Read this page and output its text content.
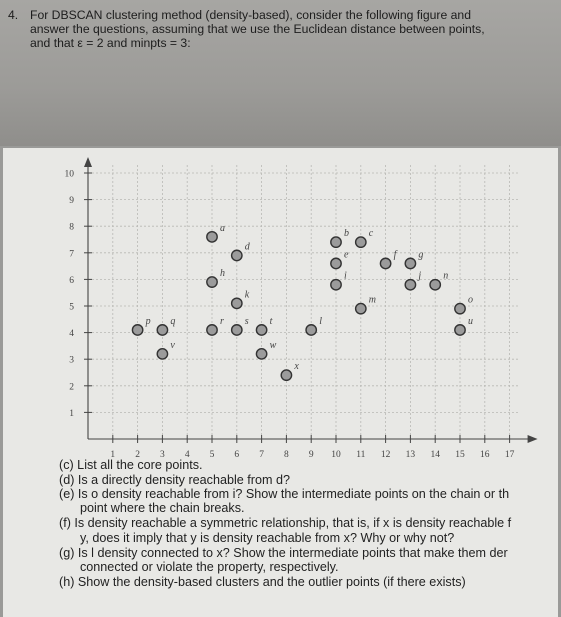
4. For DBSCAN clustering method (density-based), consider the following figure and
answer the questions, assuming that we use the Euclidean distance between points,
and that ε = 2 and minpts = 3:
1 2 3 4 5 6 7 8 9 10 11 12 13 14 15 16 17
1
2
3
4
5
6
7
8
9
10
a	b c
d
e	f g
h	i	j n
k	m	o
p q	r s t	l	u
v	w
x
(c) List all the core points.
(d) Is a directly density reachable from d?
(e) Is o density reachable from i? Show the intermediate points on the chain or th
point where the chain breaks.
(f) Is density reachable a symmetric relationship, that is, if x is density reachable f
y, does it imply that y is density reachable from x? Why or why not?
(g) Is l density connected to x? Show the intermediate points that make them der
connected or violate the property, respectively.
(h) Show the density-based clusters and the outlier points (if there exists)
